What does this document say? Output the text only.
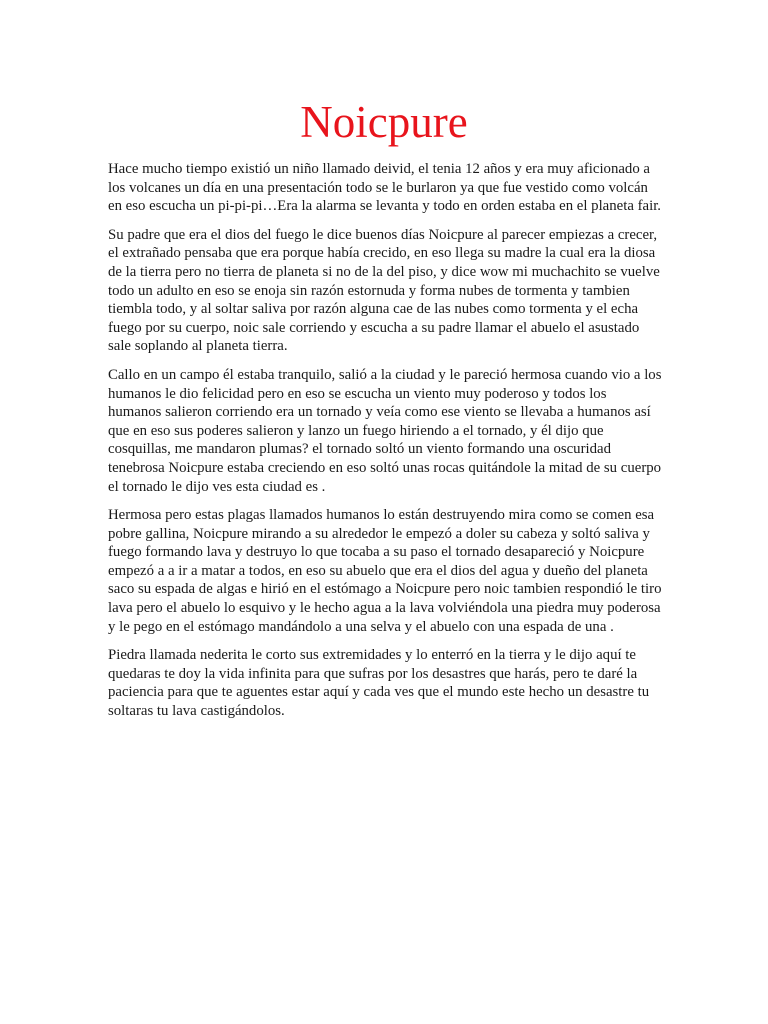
Noicpure

Hace mucho tiempo existió un niño llamado deivid, el tenia 12 años y era muy aficionado a los volcanes un día en una presentación todo se le burlaron ya que fue vestido como volcán en eso escucha un pi-pi-pi…Era la alarma se levanta y todo en orden estaba en el planeta fair.

Su padre que era el dios del fuego le dice buenos días Noicpure al parecer empiezas a crecer, el extrañado pensaba que era porque había crecido, en eso llega su madre la cual era la diosa de la tierra pero no tierra de planeta si no de la del piso, y dice wow mi muchachito se vuelve todo un adulto en eso se enoja sin razón estornuda y forma nubes de tormenta y tambien tiembla todo, y al soltar saliva por razón alguna cae de las nubes como tormenta y el echa fuego por su cuerpo, noic sale corriendo y escucha a su padre llamar el abuelo el asustado sale soplando al planeta tierra.

Callo en un campo él estaba tranquilo, salió a la ciudad y le pareció hermosa cuando vio a los humanos le dio felicidad pero en eso se escucha un viento muy poderoso y todos los humanos salieron corriendo era un tornado y veía como ese viento se llevaba a humanos así que en eso sus poderes salieron y lanzo un fuego hiriendo a el tornado, y él dijo que cosquillas, me mandaron plumas? el tornado soltó un viento formando una oscuridad tenebrosa Noicpure estaba creciendo en eso soltó unas rocas quitándole la mitad de su cuerpo el tornado le dijo ves esta ciudad es .

Hermosa pero estas plagas llamados humanos lo están destruyendo mira como se comen esa pobre gallina, Noicpure mirando a su alrededor le empezó a doler su cabeza y soltó saliva y fuego formando lava y destruyo lo que tocaba a su paso el tornado desapareció y Noicpure empezó a a ir a matar a todos, en eso su abuelo que era el dios del agua y dueño del planeta saco su espada de algas e hirió en el estómago a Noicpure pero noic tambien respondió le tiro lava pero el abuelo lo esquivo y le hecho agua a la lava volviéndola una piedra muy poderosa y le pego en el estómago mandándolo a una selva y el abuelo con una espada de una .

Piedra llamada nederita le corto sus extremidades y lo enterró en la tierra y le dijo aquí te quedaras te doy la vida infinita para que sufras por los desastres que harás, pero te daré la paciencia para que te aguentes estar aquí y cada ves que el mundo este hecho un desastre tu soltaras tu lava castigándolos.
